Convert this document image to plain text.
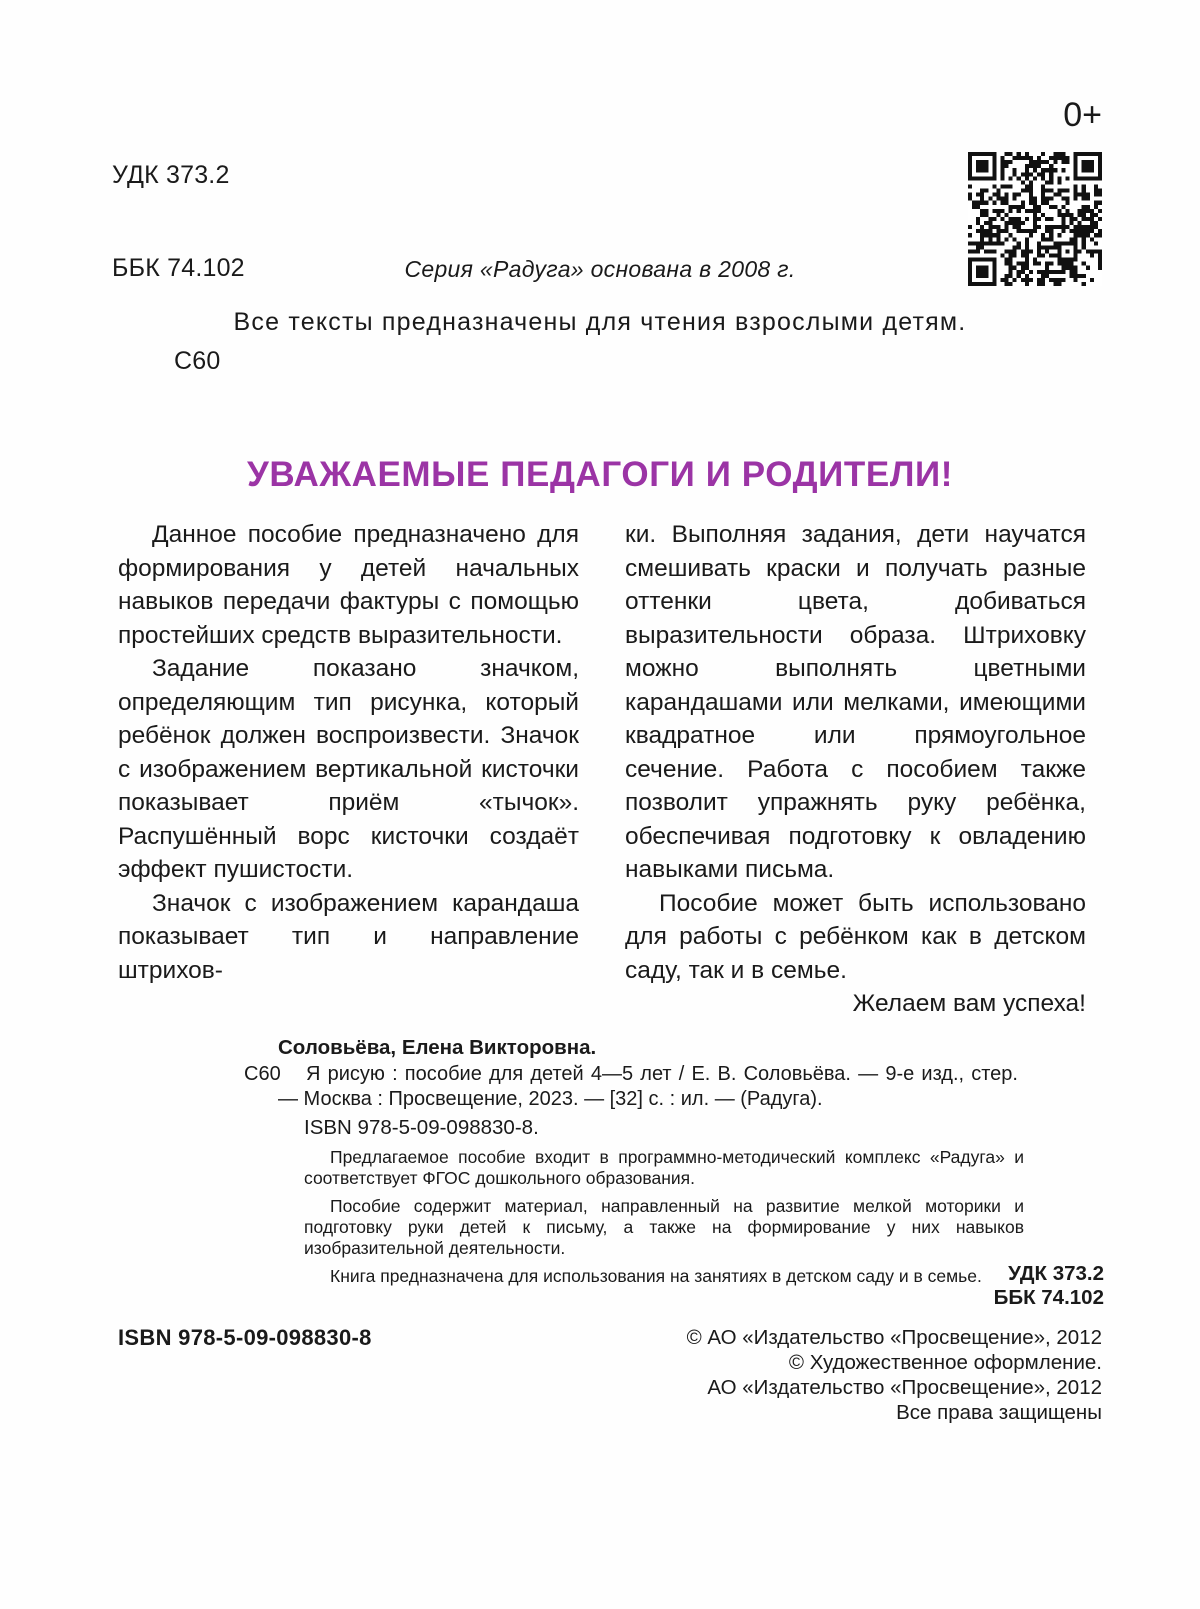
УДК 373.2

ББК 74.102

С60

0+
Серия «Радуга» основана в 2008 г.
Все тексты предназначены для чтения взрослыми детям.
УВАЖАЕМЫЕ ПЕДАГОГИ И РОДИТЕЛИ!

Данное пособие предназначено для формирования у детей начальных навыков передачи фактуры с помощью простейших средств выразительности.

Задание показано значком, определяющим тип рисунка, который ребёнок должен воспроизвести. Значок с изображением вертикальной кисточки показывает приём «тычок». Распушённый ворс кисточки создаёт эффект пушистости.

Значок с изображением карандаша показывает тип и направление штрихов-

ки. Выполняя задания, дети научатся смешивать краски и получать разные оттенки цвета, добиваться выразительности образа. Штриховку можно выполнять цветными карандашами или мелками, имеющими квадратное или прямоугольное сечение. Работа с пособием также позволит упражнять руку ребёнка, обеспечивая подготовку к овладению навыками письма.

Пособие может быть использовано для работы с ребёнком как в детском саду, так и в семье.

Желаем вам успеха!

Соловьёва, Елена Викторовна.
С60 Я рисую : пособие для детей 4—5 лет / Е. В. Соловьёва. — 9-е изд., стер. — Москва : Просвещение, 2023. — [32] с. : ил. — (Радуга).
ISBN 978-5-09-098830-8.
Предлагаемое пособие входит в программно-методический комплекс «Радуга» и соответствует ФГОС дошкольного образования.
Пособие содержит материал, направленный на развитие мелкой моторики и подготовку руки детей к письму, а также на формирование у них навыков изобразительной деятельности.
Книга предназначена для использования на занятиях в детском саду и в семье.	УДК 373.2
ББК 74.102
ISBN 978-5-09-098830-8	© АО «Издательство «Просвещение», 2012
© Художественное оформление.
АО «Издательство «Просвещение», 2012
Все права защищены
